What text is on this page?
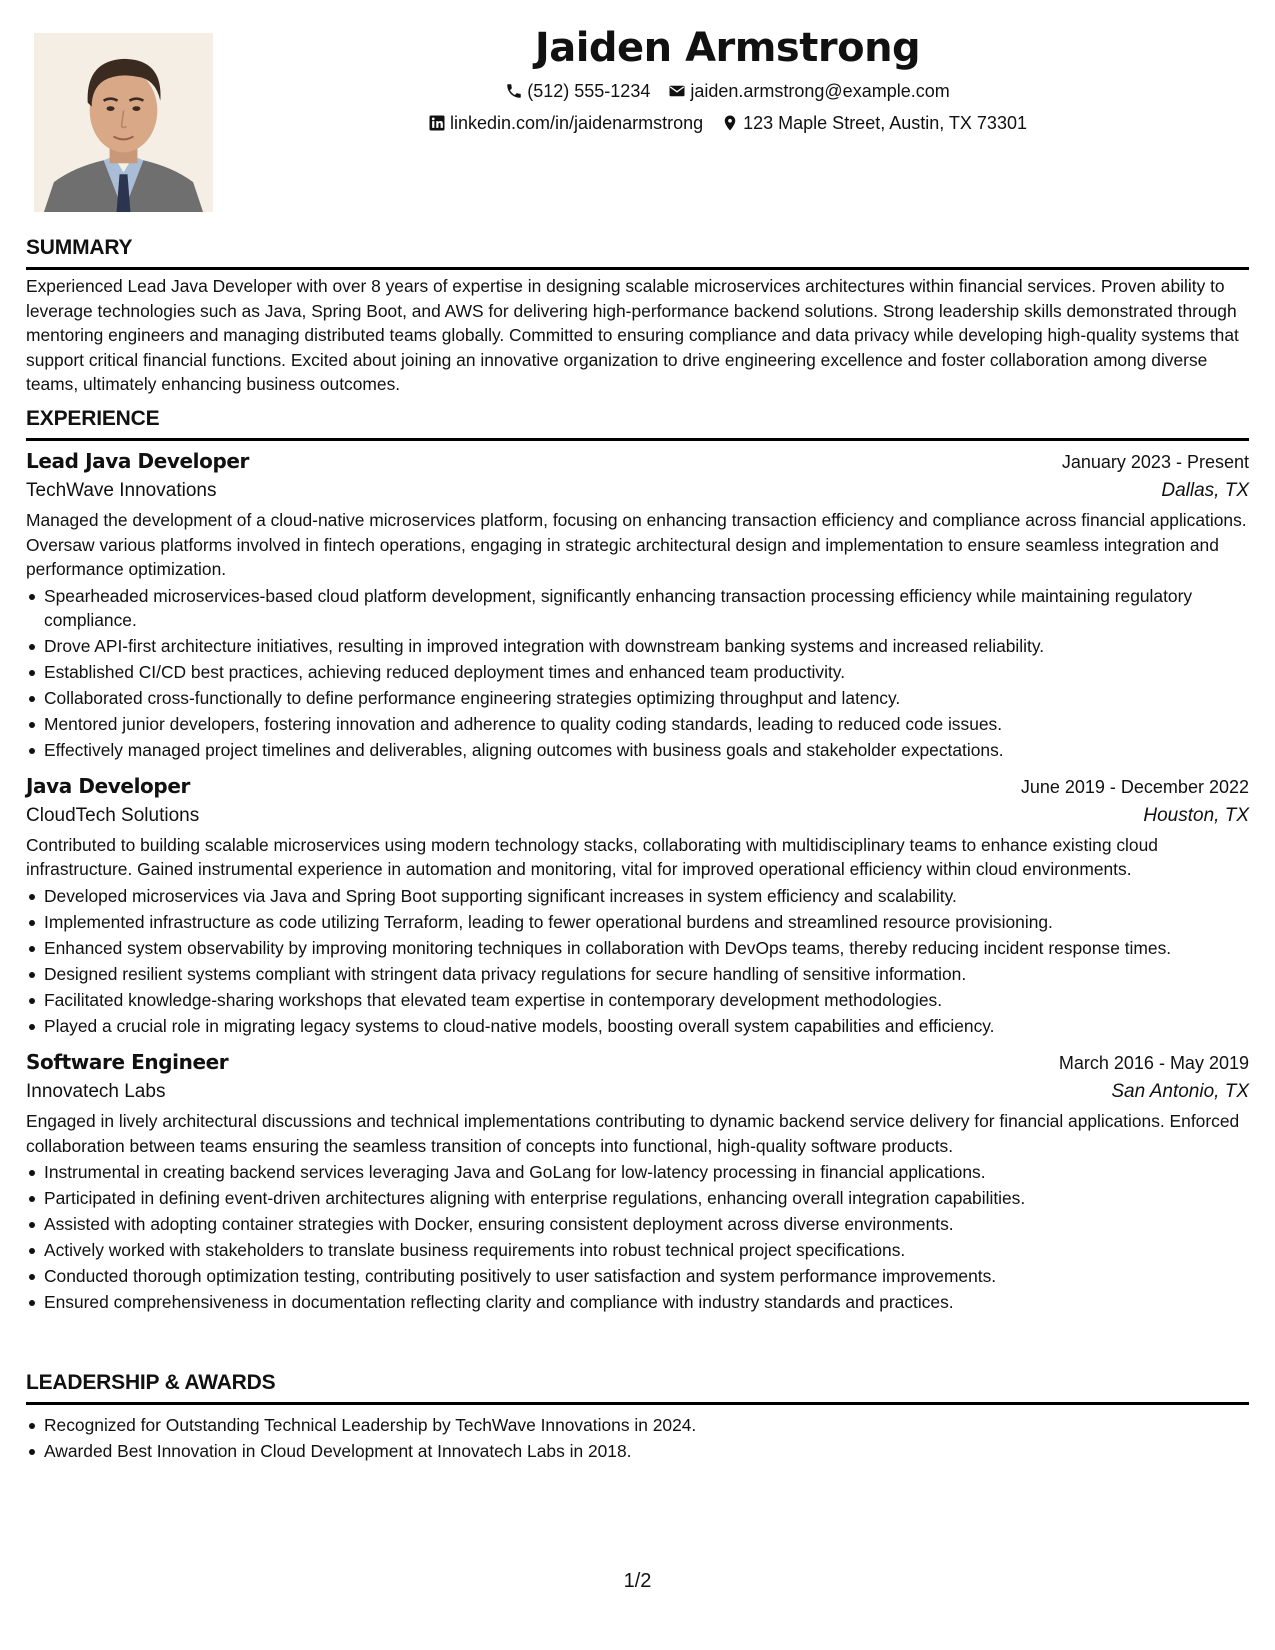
Jaiden Armstrong
(512) 555-1234 jaiden.armstrong@example.com
linkedin.com/in/jaidenarmstrong 123 Maple Street, Austin, TX 73301
SUMMARY

Experienced Lead Java Developer with over 8 years of expertise in designing scalable microservices architectures within financial services. Proven ability to leverage technologies such as Java, Spring Boot, and AWS for delivering high-performance backend solutions. Strong leadership skills demonstrated through mentoring engineers and managing distributed teams globally. Committed to ensuring compliance and data privacy while developing high-quality systems that support critical financial functions. Excited about joining an innovative organization to drive engineering excellence and foster collaboration among diverse teams, ultimately enhancing business outcomes.

EXPERIENCE
Lead Java Developer	January 2023 - Present
TechWave Innovations	Dallas, TX

Managed the development of a cloud-native microservices platform, focusing on enhancing transaction efficiency and compliance across financial applications. Oversaw various platforms involved in fintech operations, engaging in strategic architectural design and implementation to ensure seamless integration and performance optimization.

Spearheaded microservices-based cloud platform development, significantly enhancing transaction processing efficiency while maintaining regulatory compliance.
Drove API-first architecture initiatives, resulting in improved integration with downstream banking systems and increased reliability.
Established CI/CD best practices, achieving reduced deployment times and enhanced team productivity.
Collaborated cross-functionally to define performance engineering strategies optimizing throughput and latency.
Mentored junior developers, fostering innovation and adherence to quality coding standards, leading to reduced code issues.
Effectively managed project timelines and deliverables, aligning outcomes with business goals and stakeholder expectations.
Java Developer	June 2019 - December 2022
CloudTech Solutions	Houston, TX

Contributed to building scalable microservices using modern technology stacks, collaborating with multidisciplinary teams to enhance existing cloud infrastructure. Gained instrumental experience in automation and monitoring, vital for improved operational efficiency within cloud environments.

Developed microservices via Java and Spring Boot supporting significant increases in system efficiency and scalability.
Implemented infrastructure as code utilizing Terraform, leading to fewer operational burdens and streamlined resource provisioning.
Enhanced system observability by improving monitoring techniques in collaboration with DevOps teams, thereby reducing incident response times.
Designed resilient systems compliant with stringent data privacy regulations for secure handling of sensitive information.
Facilitated knowledge-sharing workshops that elevated team expertise in contemporary development methodologies.
Played a crucial role in migrating legacy systems to cloud-native models, boosting overall system capabilities and efficiency.
Software Engineer	March 2016 - May 2019
Innovatech Labs	San Antonio, TX

Engaged in lively architectural discussions and technical implementations contributing to dynamic backend service delivery for financial applications. Enforced collaboration between teams ensuring the seamless transition of concepts into functional, high-quality software products.

Instrumental in creating backend services leveraging Java and GoLang for low-latency processing in financial applications.
Participated in defining event-driven architectures aligning with enterprise regulations, enhancing overall integration capabilities.
Assisted with adopting container strategies with Docker, ensuring consistent deployment across diverse environments.
Actively worked with stakeholders to translate business requirements into robust technical project specifications.
Conducted thorough optimization testing, contributing positively to user satisfaction and system performance improvements.
Ensured comprehensiveness in documentation reflecting clarity and compliance with industry standards and practices.
LEADERSHIP & AWARDS
Recognized for Outstanding Technical Leadership by TechWave Innovations in 2024.
Awarded Best Innovation in Cloud Development at Innovatech Labs in 2018.
1/2
